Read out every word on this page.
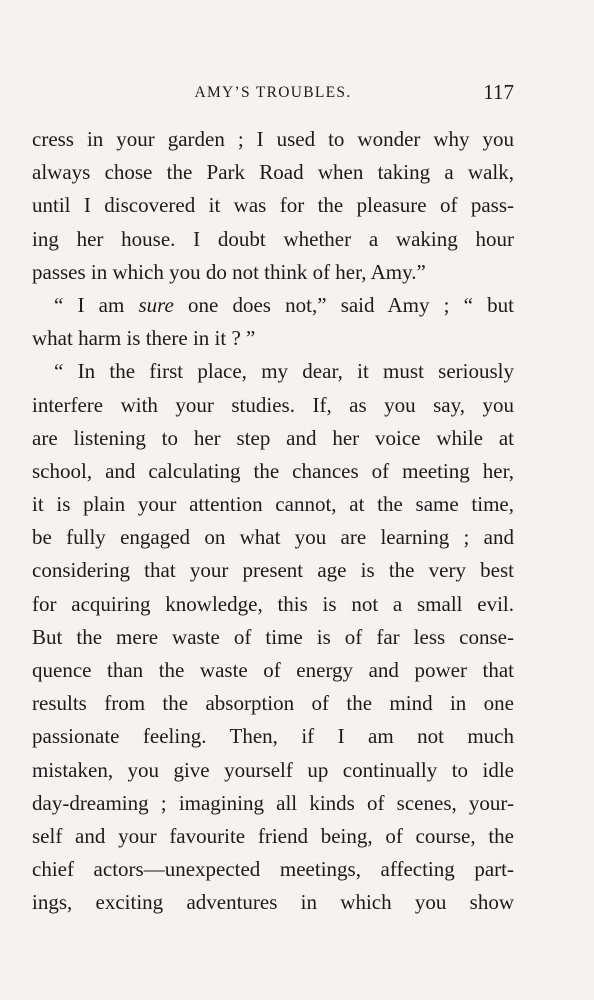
AMY’S TROUBLES.	117
cress in your garden ; I used to wonder why you
always chose the Park Road when taking a walk,
until I discovered it was for the pleasure of pass-
ing her house. I doubt whether a waking hour
passes in which you do not think of her, Amy.”
“ I am sure one does not,” said Amy ; “ but
what harm is there in it ? ”
“ In the first place, my dear, it must seriously
interfere with your studies. If, as you say, you
are listening to her step and her voice while at
school, and calculating the chances of meeting her,
it is plain your attention cannot, at the same time,
be fully engaged on what you are learning ; and
considering that your present age is the very best
for acquiring knowledge, this is not a small evil.
But the mere waste of time is of far less conse-
quence than the waste of energy and power that
results from the absorption of the mind in one
passionate feeling. Then, if I am not much
mistaken, you give yourself up continually to idle
day-dreaming ; imagining all kinds of scenes, your-
self and your favourite friend being, of course, the
chief actors—unexpected meetings, affecting part-
ings, exciting adventures in which you show
